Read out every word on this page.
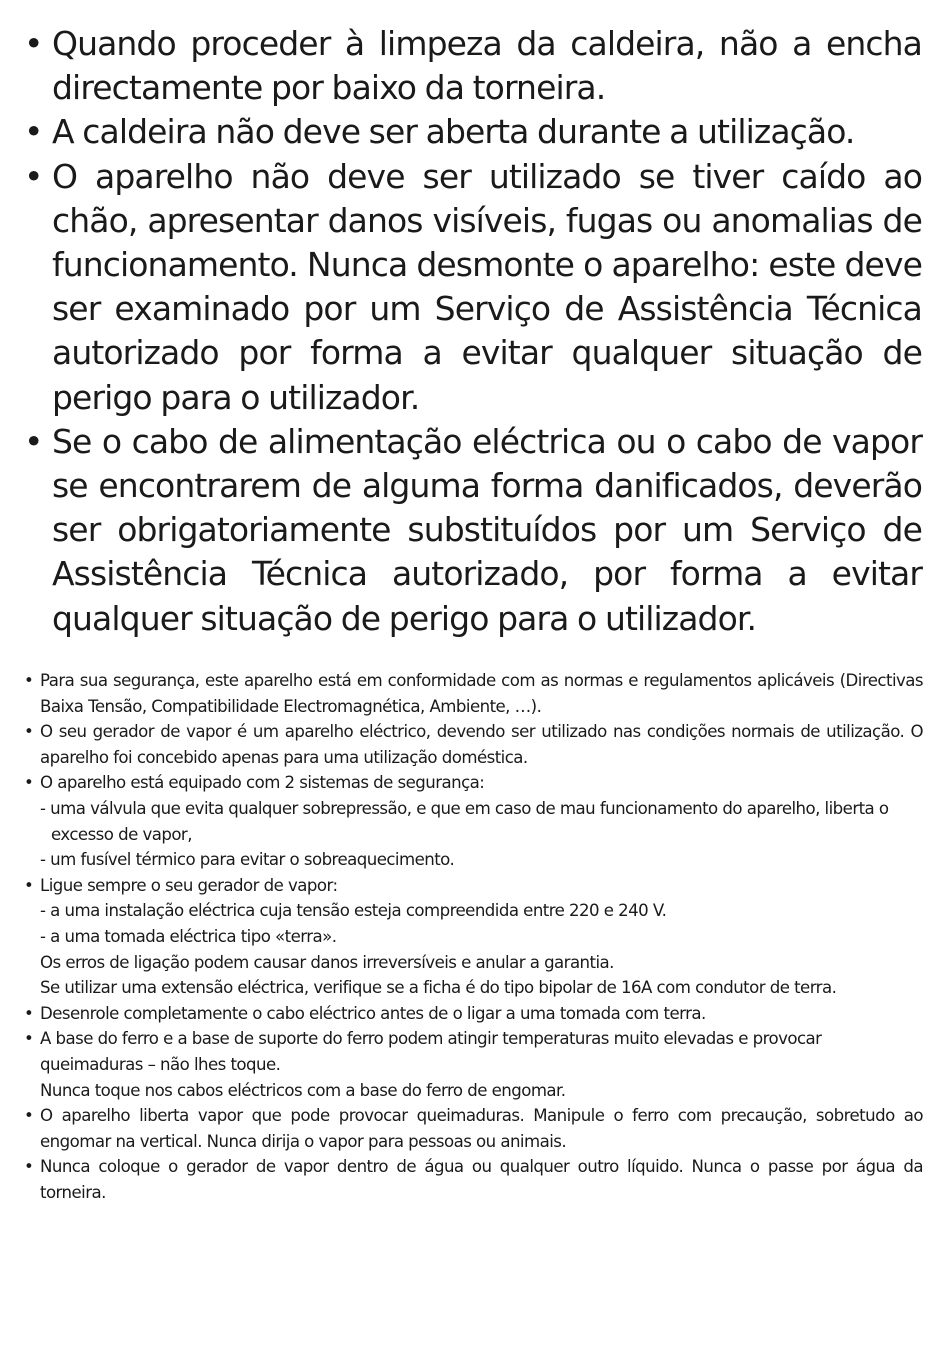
• Quando proceder à limpeza da caldeira, não a encha directamente por baixo da torneira.
• A caldeira não deve ser aberta durante a utilização.
• O aparelho não deve ser utilizado se tiver caído ao chão, apresentar danos visíveis, fugas ou anomalias de funcionamento. Nunca desmonte o aparelho: este deve ser examinado por um Serviço de Assistência Técnica autorizado por forma a evitar qualquer situação de perigo para o utilizador.
• Se o cabo de alimentação eléctrica ou o cabo de vapor se encontrarem de alguma forma danificados, deverão ser obrigatoriamente substituídos por um Serviço de Assistência Técnica autorizado, por forma a evitar qualquer situação de perigo para o utilizador.
• Para sua segurança, este aparelho está em conformidade com as normas e regulamentos aplicáveis (Directivas Baixa Tensão, Compatibilidade Electromagnética, Ambiente, …).
• O seu gerador de vapor é um aparelho eléctrico, devendo ser utilizado nas condições normais de utilização. O aparelho foi concebido apenas para uma utilização doméstica.
• O aparelho está equipado com 2 sistemas de segurança:
- uma válvula que evita qualquer sobrepressão, e que em caso de mau funcionamento do aparelho, liberta o excesso de vapor,
- um fusível térmico para evitar o sobreaquecimento.
• Ligue sempre o seu gerador de vapor:
- a uma instalação eléctrica cuja tensão esteja compreendida entre 220 e 240 V.
- a uma tomada eléctrica tipo «terra».
Os erros de ligação podem causar danos irreversíveis e anular a garantia.
Se utilizar uma extensão eléctrica, verifique se a ficha é do tipo bipolar de 16A com condutor de terra.
• Desenrole completamente o cabo eléctrico antes de o ligar a uma tomada com terra.
• A base do ferro e a base de suporte do ferro podem atingir temperaturas muito elevadas e provocar queimaduras – não lhes toque.
Nunca toque nos cabos eléctricos com a base do ferro de engomar.
• O aparelho liberta vapor que pode provocar queimaduras. Manipule o ferro com precaução, sobretudo ao engomar na vertical. Nunca dirija o vapor para pessoas ou animais.
• Nunca coloque o gerador de vapor dentro de água ou qualquer outro líquido. Nunca o passe por água da torneira.
